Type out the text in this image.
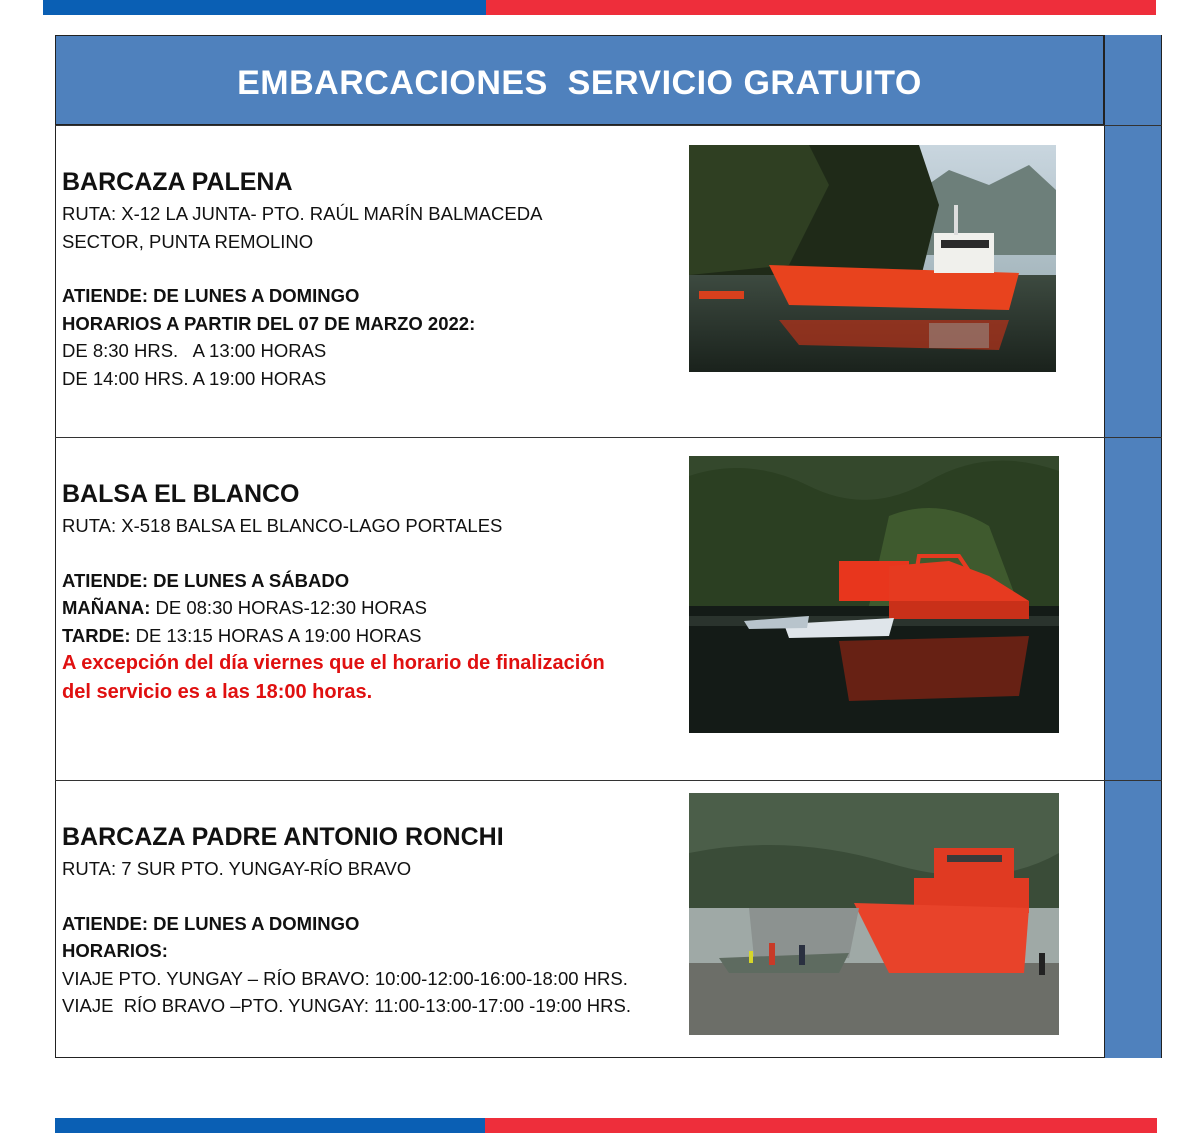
EMBARCACIONES  SERVICIO GRATUITO
BARCAZA PALENA
RUTA: X-12 LA JUNTA- PTO. RAÚL MARÍN BALMACEDA
SECTOR, PUNTA REMOLINO
ATIENDE: DE LUNES A DOMINGO
HORARIOS A PARTIR DEL 07 DE MARZO 2022:
DE 8:30 HRS.   A 13:00 HORAS
DE 14:00 HRS. A 19:00 HORAS
BALSA EL BLANCO
RUTA: X-518 BALSA EL BLANCO-LAGO PORTALES
ATIENDE: DE LUNES A SÁBADO
MAÑANA: DE 08:30 HORAS-12:30 HORAS
TARDE: DE 13:15 HORAS A 19:00 HORAS
A excepción del día viernes que el horario de finalización
del servicio es a las 18:00 horas.
BARCAZA PADRE ANTONIO RONCHI
RUTA: 7 SUR PTO. YUNGAY-RÍO BRAVO
ATIENDE: DE LUNES A DOMINGO
HORARIOS:
VIAJE PTO. YUNGAY – RÍO BRAVO: 10:00-12:00-16:00-18:00 HRS.
VIAJE  RÍO BRAVO –PTO. YUNGAY: 11:00-13:00-17:00 -19:00 HRS.
